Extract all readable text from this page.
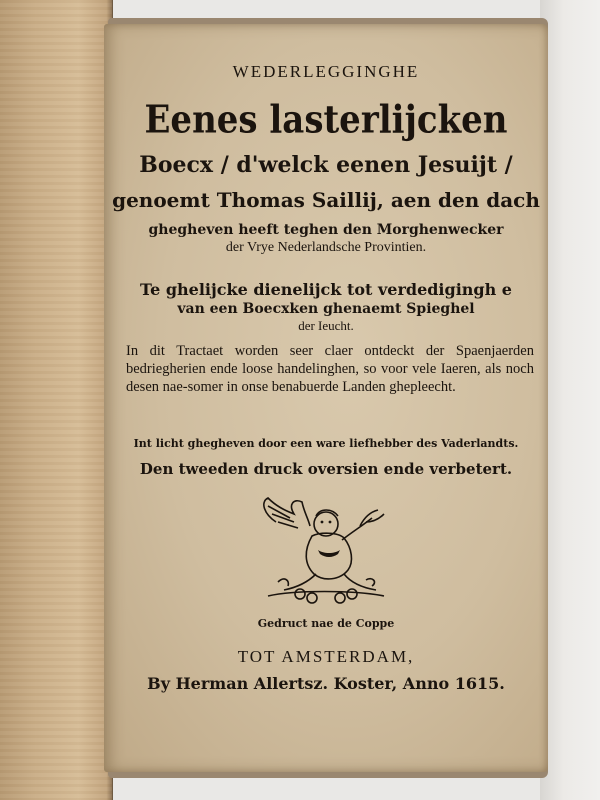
WEDERLEGGINGHE
Eenes lasterlijcken
Boecx / d'welck eenen Jesuijt /
genoemt Thomas Saillij, aen den dach
ghegheven heeft teghen den Morghenwecker
der Vrye Nederlandsche Provintien.
Te ghelijcke dienelijck tot verdedigingh e
van een Boecxken ghenaemt Spieghel
der Ieucht.
In dit Tractaet worden seer claer ontdeckt der Spaenjaerden bedriegherien ende loose handelinghen, so voor vele Iaeren, als noch desen nae-somer in onse benabuerde Landen ghepleecht.
Int licht ghegheven door een ware liefhebber des Vaderlandts.
Den tweeden druck oversien ende verbetert.
Gedruct nae de Coppe
TOT AMSTERDAM,
By Herman Allertsz. Koster, Anno 1615.
